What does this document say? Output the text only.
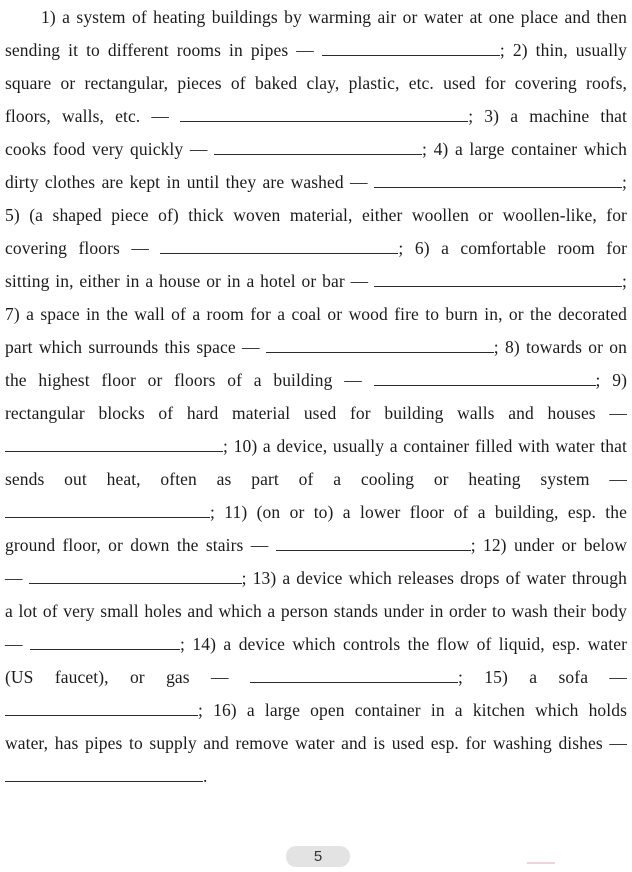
1) a system of heating buildings by warming air or water at one place and then sending it to different rooms in pipes —	; 2) thin, usually square or rectangular, pieces of baked clay, plastic, etc. used for covering roofs, floors, walls, etc. —	; 3) a machine that cooks food very quickly —	; 4) a large container which dirty clothes are kept in until they are washed —	; 5) (a shaped piece of) thick woven material, either woollen or woollen-like, for covering floors —	; 6) a comfortable room for sitting in, either in a house or in a hotel or bar —	; 7) a space in the wall of a room for a coal or wood fire to burn in, or the decorated part which surrounds this space —	; 8) towards or on the highest floor or floors of a building —	; 9) rectangular blocks of hard material used for building walls and houses — ; 10) a device, usually a container filled with water that sends out heat, often as part of a cooling or heating system — ; 11) (on or to) a lower floor of a building, esp. the ground floor, or down the stairs —	; 12) under or below —	; 13) a device which releases drops of water through a lot of very small holes and which a person stands under in order to wash their body —	; 14) a device which controls the flow of liquid, esp. water (US faucet), or gas —	; 15) a sofa — ; 16) a large open container in a kitchen which holds water, has pipes to supply and remove water and is used esp. for washing dishes — .

5
